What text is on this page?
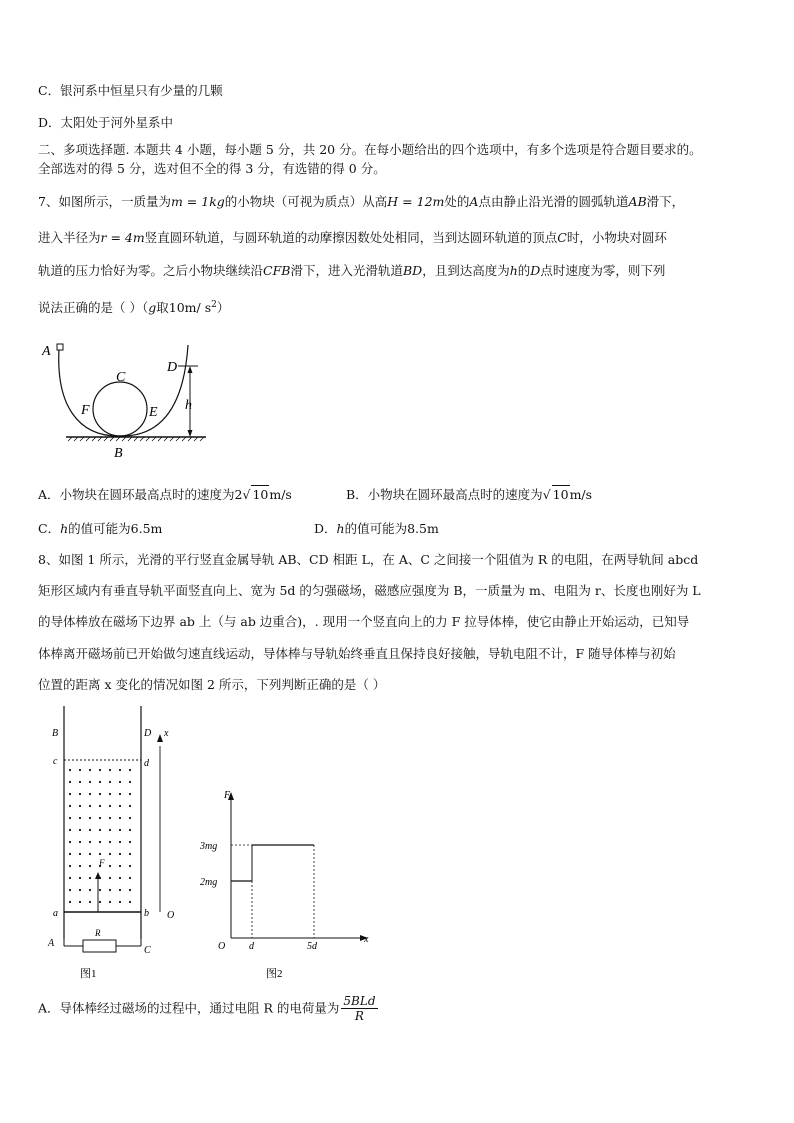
C．银河系中恒星只有少量的几颗
D．太阳处于河外星系中
二、多项选择题. 本题共 4 小题，每小题 5 分，共 20 分。在每小题给出的四个选项中，有多个选项是符合题目要求的。
全部选对的得 5 分，选对但不全的得 3 分，有选错的得 0 分。
7、如图所示，一质量为m = 1kg的小物块（可视为质点）从高H = 12m处的A点由静止沿光滑的圆弧轨道AB滑下，
进入半径为r = 4m竖直圆环轨道，与圆环轨道的动摩擦因数处处相同，当到达圆环轨道的顶点C时，小物块对圆环
轨道的压力恰好为零。之后小物块继续沿CFB滑下，进入光滑轨道BD，且到达高度为h的D点时速度为零，则下列
说法正确的是（ ）（g取10m/ $s^2$）
A
C
F	E
D
h
B
A．小物块在圆环最高点时的速度为2√ 10m/s	B．小物块在圆环最高点时的速度为√ 10m/s
C．h的值可能为6.5m	D．h的值可能为8.5m
8、如图 1 所示，光滑的平行竖直金属导轨 AB、CD 相距 L，在 A、C 之间接一个阻值为 R 的电阻，在两导轨间 abcd
矩形区域内有垂直导轨平面竖直向上、宽为 5d 的匀强磁场，磁感应强度为 B，一质量为 m、电阻为 r、长度也刚好为 L
的导体棒放在磁场下边界 ab 上（与 ab 边重合)，. 现用一个竖直向上的力 F 拉导体棒，使它由静止开始运动，已知导
体棒离开磁场前已开始做匀速直线运动，导体棒与导轨始终垂直且保持良好接触，导轨电阻不计，F 随导体棒与初始
位置的距离 x 变化的情况如图 2 所示，下列判断正确的是（ ）
B	D x
c	d
F
a	b O
A
R
C
图1
F
3mg
2mg
O d	5d
x
图2
A．导体棒经过磁场的过程中，通过电阻 R 的电荷量为 $\frac{\text{5BLd}}{R}$
